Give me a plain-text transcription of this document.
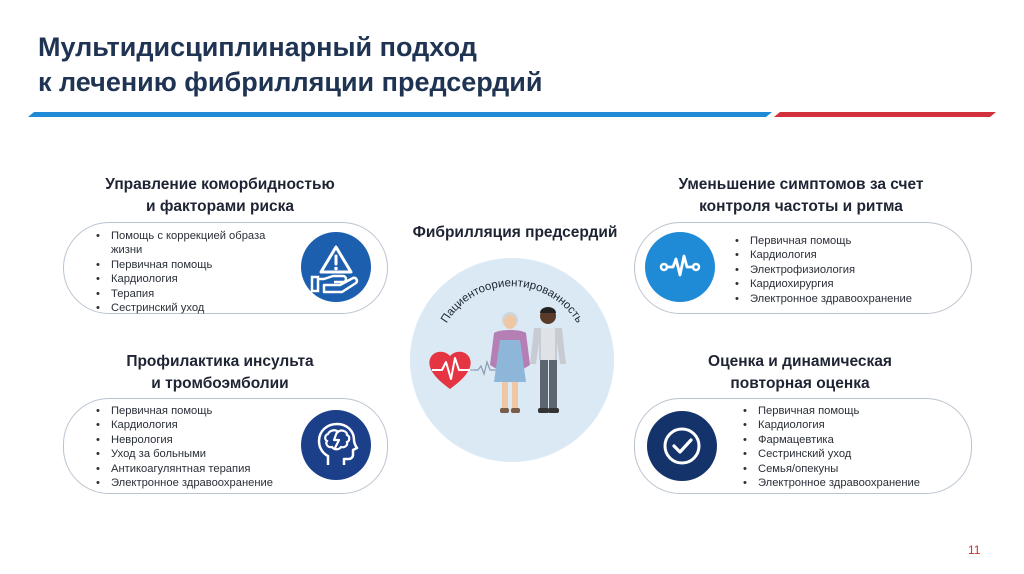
Мультидисциплинарный подход
к лечению фибрилляции предсердий
Управление коморбидностью
и факторами риска
• Помощь с коррекцией образа жизни
• Первичная помощь
• Кардиология
• Терапия
• Сестринский уход
Уменьшение симптомов за счет
контроля частоты и ритма
• Первичная помощь
• Кардиология
• Электрофизиология
• Кардиохирургия
• Электронное здравоохранение
Профилактика инсульта
и тромбоэмболии
• Первичная помощь
• Кардиология
• Неврология
• Уход за больными
• Антикоагулянтная терапия
• Электронное здравоохранение
Оценка и динамическая
повторная оценка
• Первичная помощь
• Кардиология
• Фармацевтика
• Сестринский уход
• Семья/опекуны
• Электронное здравоохранение
Фибрилляция предсердий
Пациентоориентированность
11
